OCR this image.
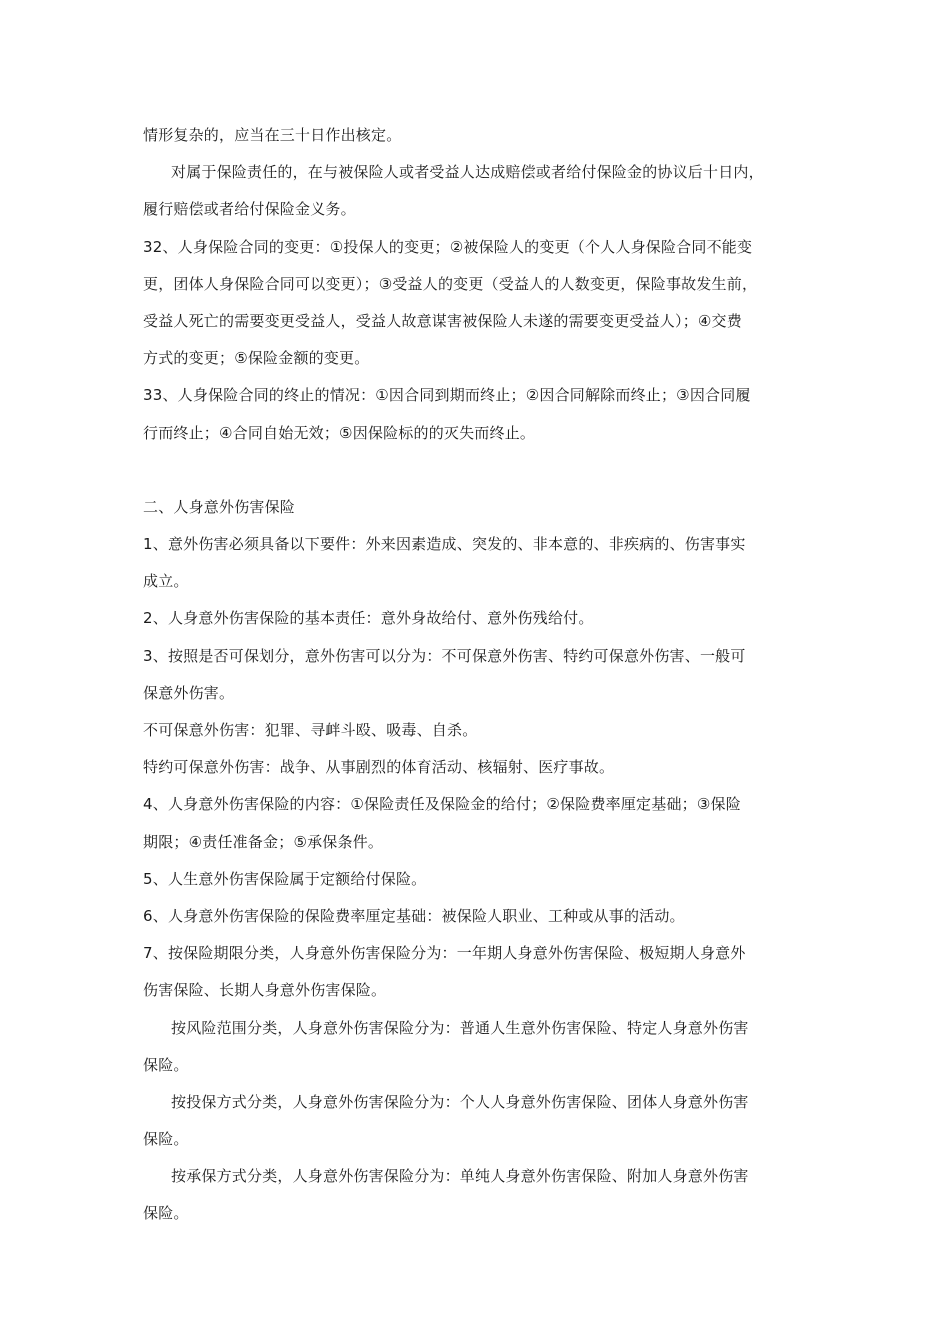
情形复杂的，应当在三十日作出核定。
对属于保险责任的，在与被保险人或者受益人达成赔偿或者给付保险金的协议后十日内，
履行赔偿或者给付保险金义务。
32、人身保险合同的变更：①投保人的变更；②被保险人的变更（个人人身保险合同不能变
更，团体人身保险合同可以变更）；③受益人的变更（受益人的人数变更，保险事故发生前，
受益人死亡的需要变更受益人，受益人故意谋害被保险人未遂的需要变更受益人）；④交费
方式的变更；⑤保险金额的变更。
33、人身保险合同的终止的情况：①因合同到期而终止；②因合同解除而终止；③因合同履
行而终止；④合同自始无效；⑤因保险标的的灭失而终止。
二、人身意外伤害保险
1、意外伤害必须具备以下要件：外来因素造成、突发的、非本意的、非疾病的、伤害事实
成立。
2、人身意外伤害保险的基本责任：意外身故给付、意外伤残给付。
3、按照是否可保划分，意外伤害可以分为：不可保意外伤害、特约可保意外伤害、一般可
保意外伤害。
不可保意外伤害：犯罪、寻衅斗殴、吸毒、自杀。
特约可保意外伤害：战争、从事剧烈的体育活动、核辐射、医疗事故。
4、人身意外伤害保险的内容：①保险责任及保险金的给付；②保险费率厘定基础；③保险
期限；④责任准备金；⑤承保条件。
5、人生意外伤害保险属于定额给付保险。
6、人身意外伤害保险的保险费率厘定基础：被保险人职业、工种或从事的活动。
7、按保险期限分类，人身意外伤害保险分为：一年期人身意外伤害保险、极短期人身意外
伤害保险、长期人身意外伤害保险。
按风险范围分类，人身意外伤害保险分为：普通人生意外伤害保险、特定人身意外伤害
保险。
按投保方式分类，人身意外伤害保险分为：个人人身意外伤害保险、团体人身意外伤害
保险。
按承保方式分类，人身意外伤害保险分为：单纯人身意外伤害保险、附加人身意外伤害
保险。
